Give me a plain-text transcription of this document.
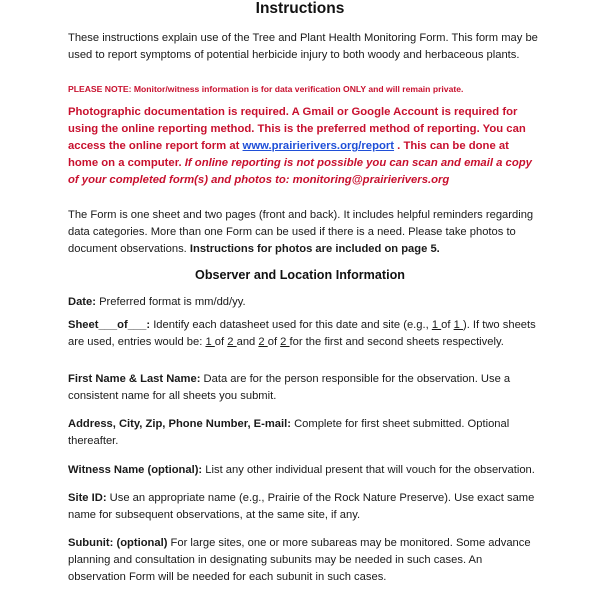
Instructions
These instructions explain use of the Tree and Plant Health Monitoring Form. This form may be used to report symptoms of potential herbicide injury to both woody and herbaceous plants.
PLEASE NOTE: Monitor/witness information is for data verification ONLY and will remain private.
Photographic documentation is required. A Gmail or Google Account is required for using the online reporting method. This is the preferred method of reporting. You can access the online report form at www.prairierivers.org/report . This can be done at home on a computer. If online reporting is not possible you can scan and email a copy of your completed form(s) and photos to: monitoring@prairierivers.org
The Form is one sheet and two pages (front and back). It includes helpful reminders regarding data categories. More than one Form can be used if there is a need. Please take photos to document observations. Instructions for photos are included on page 5.
Observer and Location Information
Date: Preferred format is mm/dd/yy.
Sheet___of___: Identify each datasheet used for this date and site (e.g., 1 of 1 ). If two sheets are used, entries would be: 1 of 2 and 2 of 2 for the first and second sheets respectively.
First Name & Last Name: Data are for the person responsible for the observation. Use a consistent name for all sheets you submit.
Address, City, Zip, Phone Number, E-mail: Complete for first sheet submitted. Optional thereafter.
Witness Name (optional): List any other individual present that will vouch for the observation.
Site ID: Use an appropriate name (e.g., Prairie of the Rock Nature Preserve). Use exact same name for subsequent observations, at the same site, if any.
Subunit: (optional) For large sites, one or more subareas may be monitored. Some advance planning and consultation in designating subunits may be needed in such cases. An observation Form will be needed for each subunit in such cases.
